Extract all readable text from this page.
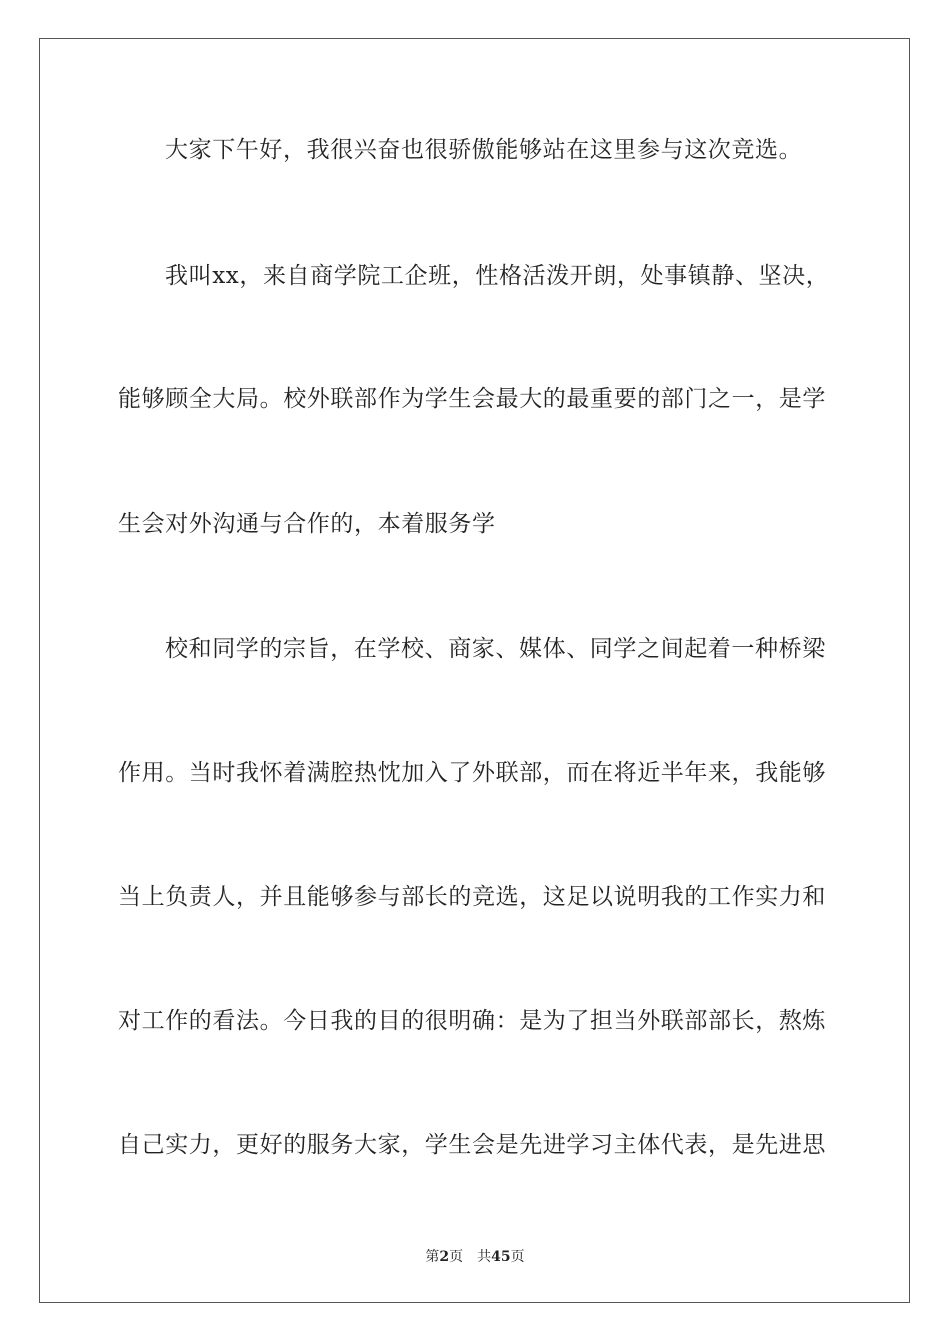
大家下午好，我很兴奋也很骄傲能够站在这里参与这次竞选。
我叫xx，来自商学院工企班，性格活泼开朗，处事镇静、坚决，
能够顾全大局。校外联部作为学生会最大的最重要的部门之一，是学
生会对外沟通与合作的，本着服务学
校和同学的宗旨，在学校、商家、媒体、同学之间起着一种桥梁
作用。当时我怀着满腔热忱加入了外联部，而在将近半年来，我能够
当上负责人，并且能够参与部长的竞选，这足以说明我的工作实力和
对工作的看法。今日我的目的很明确：是为了担当外联部部长，熬炼
自己实力，更好的服务大家，学生会是先进学习主体代表，是先进思
第2页 共45页
